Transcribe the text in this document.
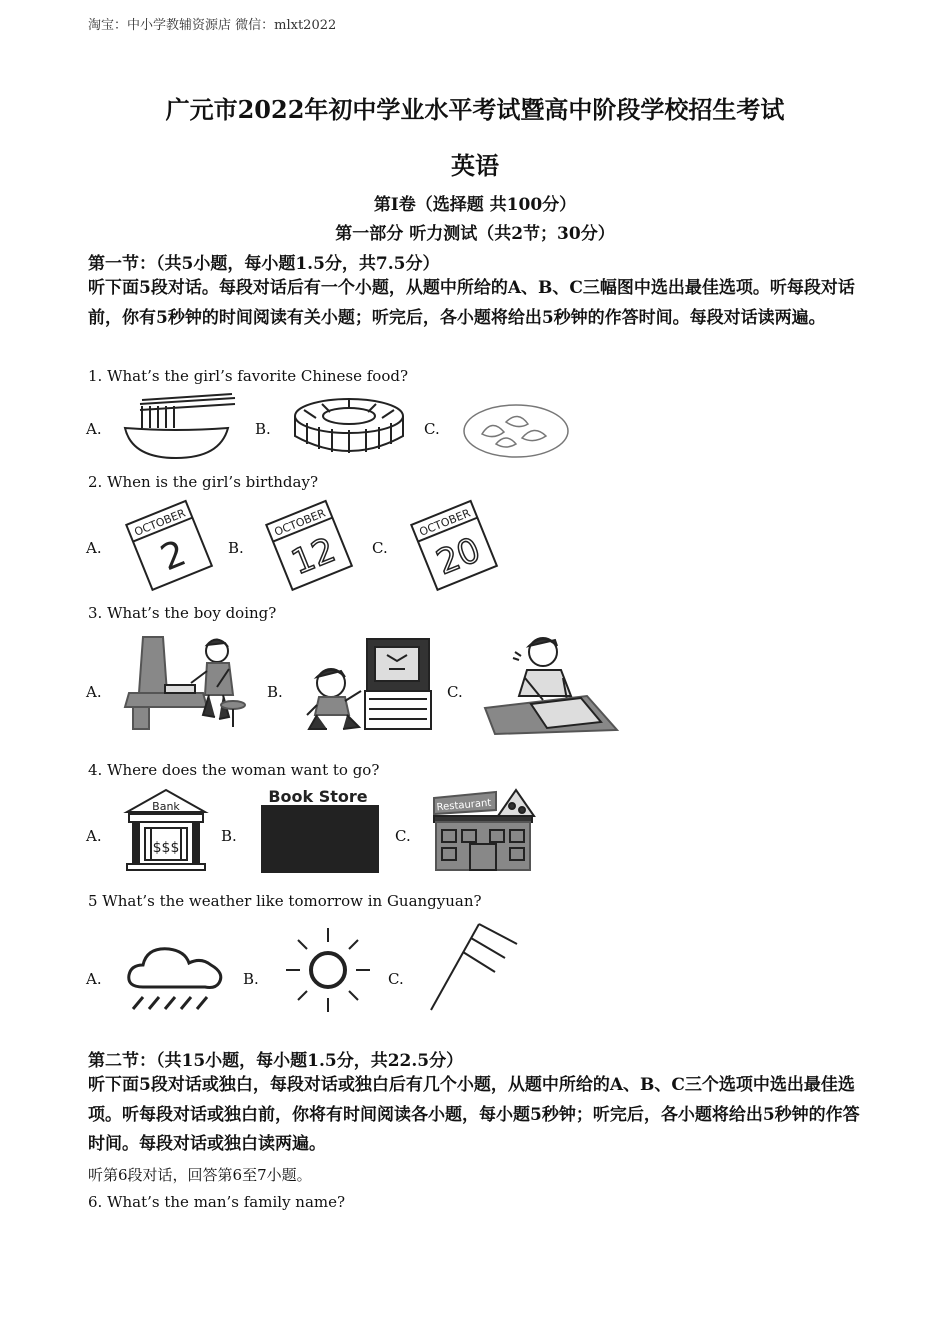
淘宝：中小学教辅资源店 微信：mlxt2022
广元市2022年初中学业水平考试暨高中阶段学校招生考试
英语
第Ⅰ卷（选择题 共100分）
第一部分 听力测试（共2节；30分）
第一节：（共5小题，每小题1.5分，共7.5分）
听下面5段对话。每段对话后有一个小题，从题中所给的A、B、C三幅图中选出最佳选项。听每段对话前，你有5秒钟的时间阅读有关小题；听完后，各小题将给出5秒钟的作答时间。每段对话读两遍。
1. What’s the girl’s favorite Chinese food?
A.	B.	C.
2. When is the girl’s birthday?
A.
OCTOBER
2 B.
OCTOBER
12 C.
OCTOBER
20
3. What’s the boy doing?
A.	B.	C.
4. Where does the woman want to go?
A.
Bank
$$$
B.
Book Store
C.
Restaurant
5 What’s the weather like tomorrow in Guangyuan?
A.	B.	C.
第二节：（共15小题，每小题1.5分，共22.5分）
听下面5段对话或独白，每段对话或独白后有几个小题，从题中所给的A、B、C三个选项中选出最佳选项。听每段对话或独白前，你将有时间阅读各小题，每小题5秒钟；听完后，各小题将给出5秒钟的作答时间。每段对话或独白读两遍。
听第6段对话，回答第6至7小题。
6. What’s the man’s family name?
